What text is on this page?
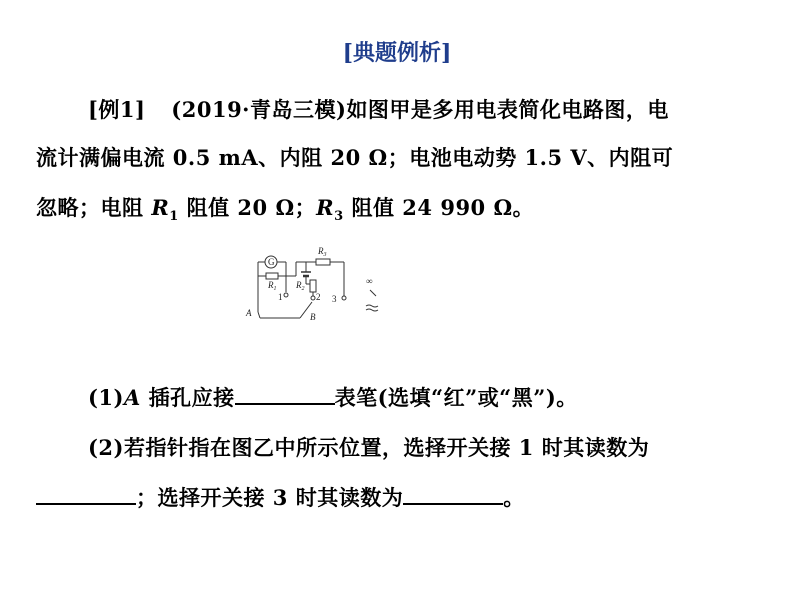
[典题例析]
[例1] (2019·青岛三模)如图甲是多用电表简化电路图，电
流计满偏电流 0.5 mA、内阻 20 Ω；电池电动势 1.5 V、内阻可
忽略；电阻 $R_1$ 阻值 20 Ω；$R_3$ 阻值 24 990 Ω。
G
$R_1$ $R_2$
$R_3$
1	2 3
A	B
∞
(1)A 插孔应接	表笔(选填“红”或“黑”)。
(2)若指针指在图乙中所示位置，选择开关接 1 时其读数为
；选择开关接 3 时其读数为	。
